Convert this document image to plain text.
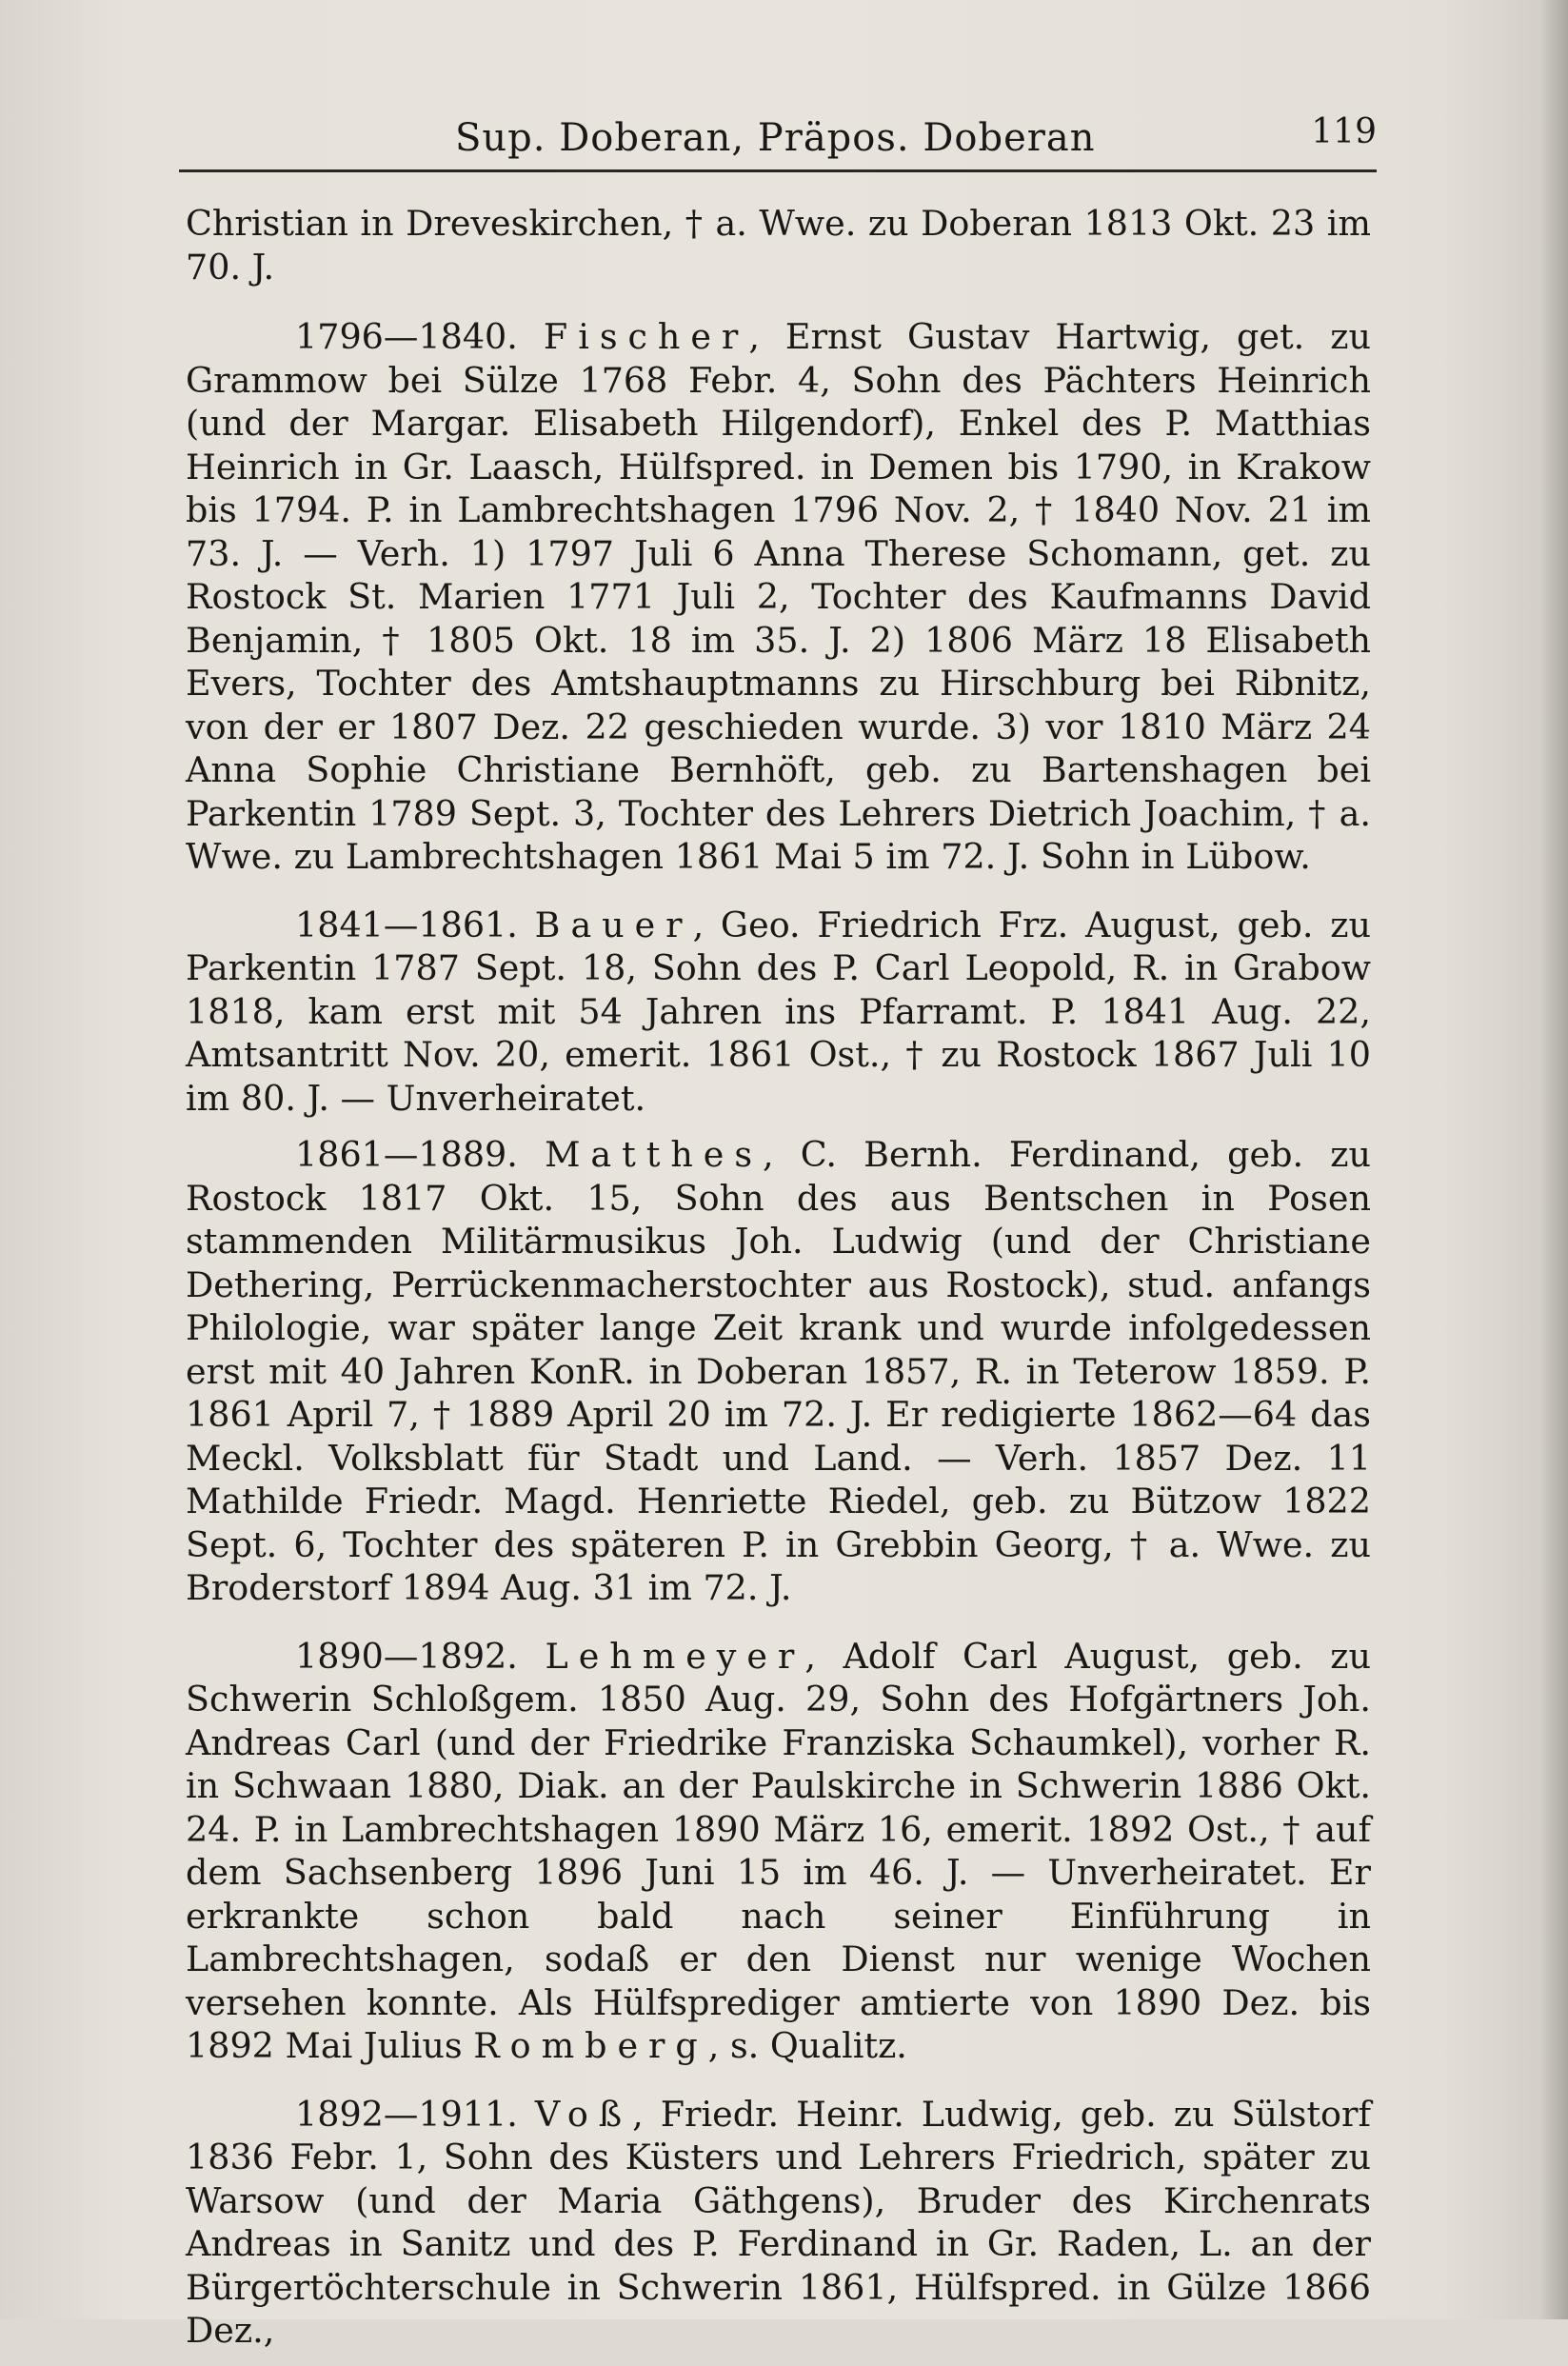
Sup. Doberan, Präpos. Doberan	119

Christian in Dreveskirchen, † a. Wwe. zu Doberan 1813 Okt. 23 im 70. J.

1796—1840. Fischer, Ernst Gustav Hartwig, get. zu Grammow bei Sülze 1768 Febr. 4, Sohn des Pächters Heinrich (und der Margar. Elisabeth Hilgendorf), Enkel des P. Matthias Heinrich in Gr. Laasch, Hülfspred. in Demen bis 1790, in Krakow bis 1794. P. in Lambrechtshagen 1796 Nov. 2, † 1840 Nov. 21 im 73. J. — Verh. 1) 1797 Juli 6 Anna Therese Schomann, get. zu Rostock St. Marien 1771 Juli 2, Tochter des Kaufmanns David Benjamin, † 1805 Okt. 18 im 35. J. 2) 1806 März 18 Elisabeth Evers, Tochter des Amtshauptmanns zu Hirschburg bei Ribnitz, von der er 1807 Dez. 22 geschieden wurde. 3) vor 1810 März 24 Anna Sophie Christiane Bernhöft, geb. zu Bartenshagen bei Parkentin 1789 Sept. 3, Tochter des Lehrers Dietrich Joachim, † a. Wwe. zu Lambrechtshagen 1861 Mai 5 im 72. J. Sohn in Lübow.

1841—1861. Bauer, Geo. Friedrich Frz. August, geb. zu Parkentin 1787 Sept. 18, Sohn des P. Carl Leopold, R. in Grabow 1818, kam erst mit 54 Jahren ins Pfarramt. P. 1841 Aug. 22, Amtsantritt Nov. 20, emerit. 1861 Ost., † zu Rostock 1867 Juli 10 im 80. J. — Unverheiratet.

1861—1889. Matthes, C. Bernh. Ferdinand, geb. zu Rostock 1817 Okt. 15, Sohn des aus Bentschen in Posen stammenden Militärmusikus Joh. Ludwig (und der Christiane Dethering, Perrückenmacherstochter aus Rostock), stud. anfangs Philologie, war später lange Zeit krank und wurde infolgedessen erst mit 40 Jahren KonR. in Doberan 1857, R. in Teterow 1859. P. 1861 April 7, † 1889 April 20 im 72. J. Er redigierte 1862—64 das Meckl. Volksblatt für Stadt und Land. — Verh. 1857 Dez. 11 Mathilde Friedr. Magd. Henriette Riedel, geb. zu Bützow 1822 Sept. 6, Tochter des späteren P. in Grebbin Georg, † a. Wwe. zu Broderstorf 1894 Aug. 31 im 72. J.

1890—1892. Lehmeyer, Adolf Carl August, geb. zu Schwerin Schloßgem. 1850 Aug. 29, Sohn des Hofgärtners Joh. Andreas Carl (und der Friedrike Franziska Schaumkel), vorher R. in Schwaan 1880, Diak. an der Paulskirche in Schwerin 1886 Okt. 24. P. in Lambrechtshagen 1890 März 16, emerit. 1892 Ost., † auf dem Sachsenberg 1896 Juni 15 im 46. J. — Unverheiratet. Er erkrankte schon bald nach seiner Einführung in Lambrechtshagen, sodaß er den Dienst nur wenige Wochen versehen konnte. Als Hülfsprediger amtierte von 1890 Dez. bis 1892 Mai Julius Romberg, s. Qualitz.

1892—1911. Voß, Friedr. Heinr. Ludwig, geb. zu Sülstorf 1836 Febr. 1, Sohn des Küsters und Lehrers Friedrich, später zu Warsow (und der Maria Gäthgens), Bruder des Kirchenrats Andreas in Sanitz und des P. Ferdinand in Gr. Raden, L. an der Bürgertöchterschule in Schwerin 1861, Hülfspred. in Gülze 1866 Dez.,
